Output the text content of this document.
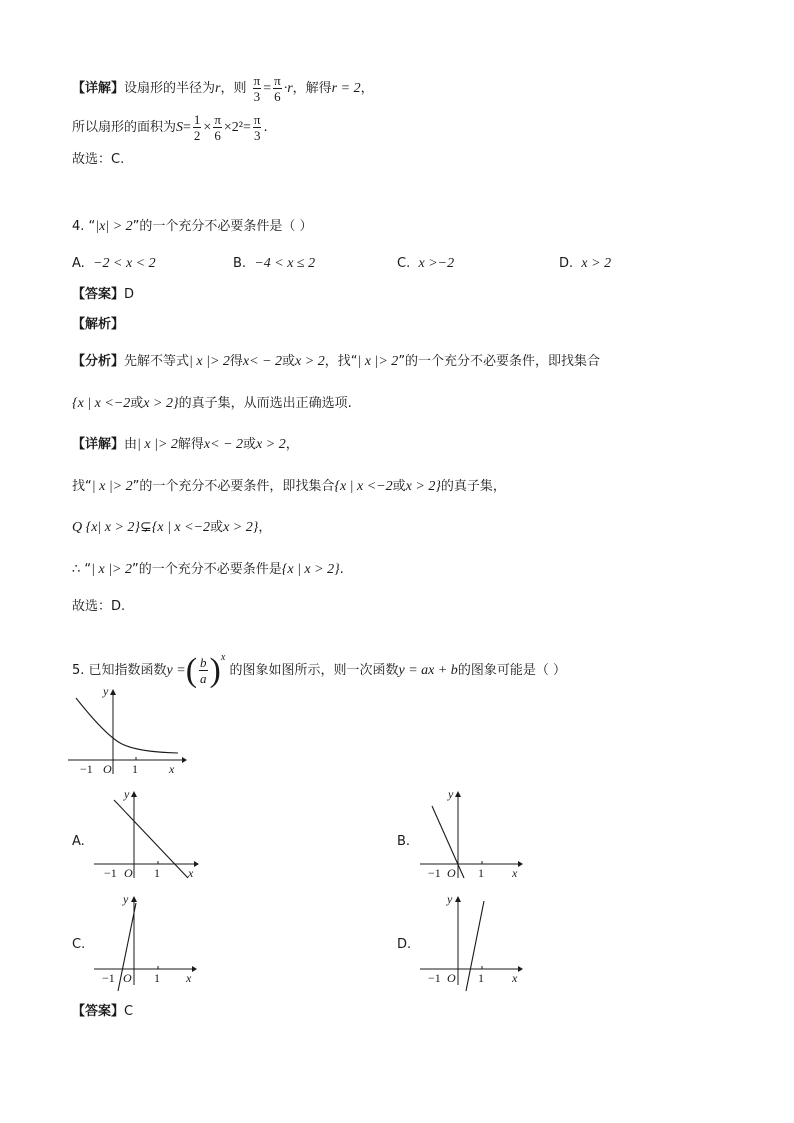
【详解】设扇形的半径为r，则 $\frac{\pi}{3} = \frac{\pi}{6} \cdot r$，解得r = 2，
所以扇形的面积为$S= \frac{1}{2} \times \frac{\pi}{6} \times 2^2= \frac{\pi}{3}$ .
故选：C.
4. “|x| > 2”的一个充分不必要条件是（ ）
A. −2 < x < 2	B. −4 < x ≤ 2	C. x >−2	D. x > 2
【答案】D
【解析】
【分析】先解不等式| x |> 2得x< − 2或x > 2，找“| x |> 2”的一个充分不必要条件，即找集合
{x | x <−2或x > 2}的真子集，从而选出正确选项.
【详解】由| x |> 2解得x< − 2或x > 2，
找“| x |> 2”的一个充分不必要条件，即找集合{x | x <−2或x > 2}的真子集，
Q {x| x > 2}⊊{x | x <−2或x > 2}，
∴ “| x |> 2”的一个充分不必要条件是{x | x > 2}.
故选：D.
5. 已知指数函数y =( $\frac{b}{a} )^x$ 的图象如图所示，则一次函数y = ax + b的图象可能是（ ）
y
x
O
−1	1
A.
y
x
O
−1	1
B.
y
x
O
−1	1
C.
y
x
O
−1	1
D.
y
x
O
−1	1
【答案】C
